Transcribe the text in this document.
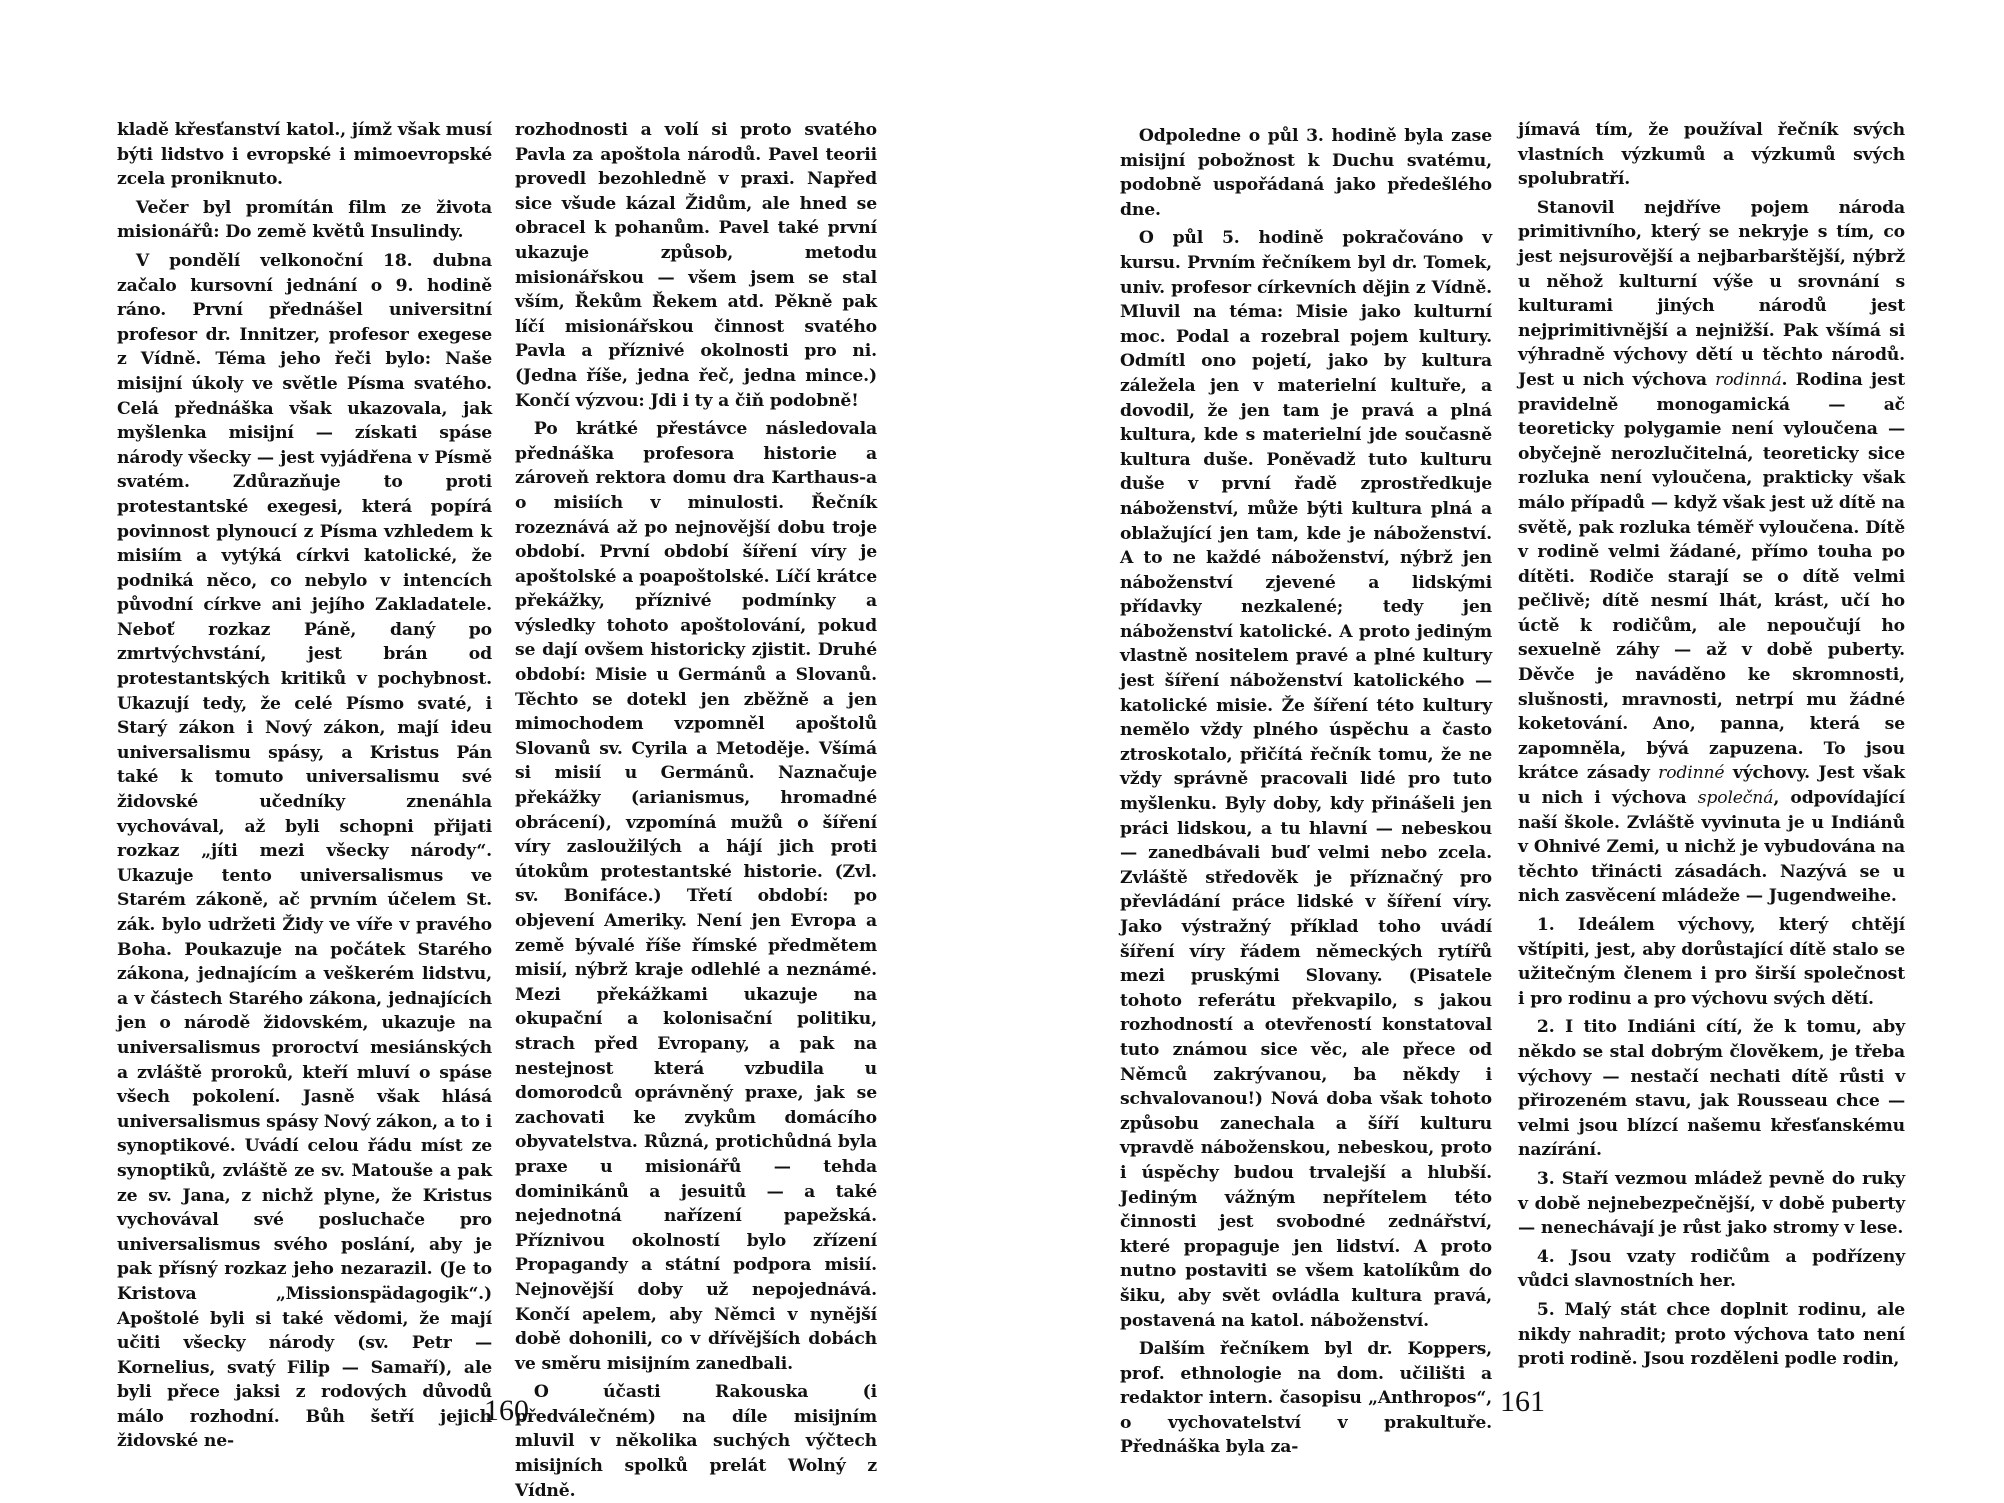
kladě křesťanství katol., jímž však musí býti lidstvo i evropské i mimoevropské zcela proniknuto.

Večer byl promítán film ze života misionářů: Do země květů Insulindy.

V pondělí velkonoční 18. dubna začalo kursovní jednání o 9. hodině ráno. První přednášel universitní profesor dr. Innitzer, profesor exegese z Vídně. Téma jeho řeči bylo: Naše misijní úkoly ve světle Písma svatého. Celá přednáška však ukazovala, jak myšlenka misijní — získati spáse národy všecky — jest vyjádřena v Písmě svatém. Zdůrazňuje to proti protestantské exegesi, která popírá povinnost plynoucí z Písma vzhledem k misiím a vytýká církvi katolické, že podniká něco, co nebylo v intencích původní církve ani jejího Zakladatele. Neboť rozkaz Páně, daný po zmrtvýchvstání, jest brán od protestantských kritiků v pochybnost. Ukazují tedy, že celé Písmo svaté, i Starý zákon i Nový zákon, mají ideu universalismu spásy, a Kristus Pán také k tomuto universalismu své židovské učedníky znenáhla vychovával, až byli schopni přijati rozkaz „jíti mezi všecky národy“. Ukazuje tento universalismus ve Starém zákoně, ač prvním účelem St. zák. bylo udržeti Židy ve víře v pravého Boha. Poukazuje na počátek Starého zákona, jednajícím a veškerém lidstvu, a v částech Starého zákona, jednajících jen o národě židovském, ukazuje na universalismus proroctví mesiánských a zvláště proroků, kteří mluví o spáse všech pokolení. Jasně však hlásá universalismus spásy Nový zákon, a to i synoptikové. Uvádí celou řádu míst ze synoptiků, zvláště ze sv. Matouše a pak ze sv. Jana, z nichž plyne, že Kristus vychovával své posluchače pro universalismus svého poslání, aby je pak přísný rozkaz jeho nezarazil. (Je to Kristova „Missionspädagogik“.) Apoštolé byli si také vědomi, že mají učiti všecky národy (sv. Petr — Kornelius, svatý Filip — Samaří), ale byli přece jaksi z rodových důvodů málo rozhodní. Bůh šetří jejich židovské ne-

rozhodnosti a volí si proto svatého Pavla za apoštola národů. Pavel teorii provedl bezohledně v praxi. Napřed sice všude kázal Židům, ale hned se obracel k pohanům. Pavel také první ukazuje způsob, metodu misionářskou — všem jsem se stal vším, Řekům Řekem atd. Pěkně pak líčí misionářskou činnost svatého Pavla a příznivé okolnosti pro ni. (Jedna říše, jedna řeč, jedna mince.) Končí výzvou: Jdi i ty a čiň podobně!

Po krátké přestávce následovala přednáška profesora historie a zároveň rektora domu dra Karthaus-a o misiích v minulosti. Řečník rozeznává až po nejnovější dobu troje období. První období šíření víry je apoštolské a poapoštolské. Líčí krátce překážky, příznivé podmínky a výsledky tohoto apoštolování, pokud se dají ovšem historicky zjistit. Druhé období: Misie u Germánů a Slovanů. Těchto se dotekl jen zběžně a jen mimochodem vzpomněl apoštolů Slovanů sv. Cyrila a Metoděje. Všímá si misií u Germánů. Naznačuje překážky (arianismus, hromadné obrácení), vzpomíná mužů o šíření víry zasloužilých a hájí jich proti útokům protestantské historie. (Zvl. sv. Bonifáce.) Třetí období: po objevení Ameriky. Není jen Evropa a země bývalé říše římské předmětem misií, nýbrž kraje odlehlé a neznámé. Mezi překážkami ukazuje na okupační a kolonisační politiku, strach před Evropany, a pak na nestejnost která vzbudila u domorodců oprávněný praxe, jak se zachovati ke zvykům domácího obyvatelstva. Různá, protichůdná byla praxe u misionářů — tehda dominikánů a jesuitů — a také nejednotná nařízení papežská. Příznivou okolností bylo zřízení Propagandy a státní podpora misií. Nejnovější doby už nepojednává. Končí apelem, aby Němci v nynější době dohonili, co v dřívějších dobách ve směru misijním zanedbali.

O účasti Rakouska (i předválečném) na díle misijním mluvil v několika suchých výčtech misijních spolků prelát Wolný z Vídně.

160

Odpoledne o půl 3. hodině byla zase misijní pobožnost k Duchu svatému, podobně uspořádaná jako předešlého dne.

O půl 5. hodině pokračováno v kursu. Prvním řečníkem byl dr. Tomek, univ. profesor církevních dějin z Vídně. Mluvil na téma: Misie jako kulturní moc. Podal a rozebral pojem kultury. Odmítl ono pojetí, jako by kultura záležela jen v materielní kultuře, a dovodil, že jen tam je pravá a plná kultura, kde s materielní jde současně kultura duše. Poněvadž tuto kulturu duše v první řadě zprostředkuje náboženství, může býti kultura plná a oblažující jen tam, kde je náboženství. A to ne každé náboženství, nýbrž jen náboženství zjevené a lidskými přídavky nezkalené; tedy jen náboženství katolické. A proto jediným vlastně nositelem pravé a plné kultury jest šíření náboženství katolického — katolické misie. Že šíření této kultury nemělo vždy plného úspěchu a často ztroskotalo, přičítá řečník tomu, že ne vždy správně pracovali lidé pro tuto myšlenku. Byly doby, kdy přinášeli jen práci lidskou, a tu hlavní — nebeskou — zanedbávali buď velmi nebo zcela. Zvláště středověk je příznačný pro převládání práce lidské v šíření víry. Jako výstražný příklad toho uvádí šíření víry řádem německých rytířů mezi pruskými Slovany. (Pisatele tohoto referátu překvapilo, s jakou rozhodností a otevřeností konstatoval tuto známou sice věc, ale přece od Němců zakrývanou, ba někdy i schvalovanou!) Nová doba však tohoto způsobu zanechala a šíří kulturu vpravdě náboženskou, nebeskou, proto i úspěchy budou trvalejší a hlubší. Jediným vážným nepřítelem této činnosti jest svobodné zednářství, které propaguje jen lidství. A proto nutno postaviti se všem katolíkům do šiku, aby svět ovládla kultura pravá, postavená na katol. náboženství.

Dalším řečníkem byl dr. Koppers, prof. ethnologie na dom. učilišti a redaktor intern. časopisu „Anthropos“, o vychovatelství v prakultuře. Přednáška byla za-

jímavá tím, že používal řečník svých vlastních výzkumů a výzkumů svých spolubratří.

Stanovil nejdříve pojem národa primitivního, který se nekryje s tím, co jest nejsurovější a nejbarbarštější, nýbrž u něhož kulturní výše u srovnání s kulturami jiných národů jest nejprimitivnější a nejnižší. Pak všímá si výhradně výchovy dětí u těchto národů. Jest u nich výchova rodinná. Rodina jest pravidelně monogamická — ač teoreticky polygamie není vyloučena — obyčejně nerozlučitelná, teoreticky sice rozluka není vyloučena, prakticky však málo případů — když však jest už dítě na světě, pak rozluka téměř vyloučena. Dítě v rodině velmi žádané, přímo touha po dítěti. Rodiče starají se o dítě velmi pečlivě; dítě nesmí lhát, krást, učí ho úctě k rodičům, ale nepoučují ho sexuelně záhy — až v době puberty. Děvče je naváděno ke skromnosti, slušnosti, mravnosti, netrpí mu žádné koketování. Ano, panna, která se zapomněla, bývá zapuzena. To jsou krátce zásady rodinné výchovy. Jest však u nich i výchova společná, odpovídající naší škole. Zvláště vyvinuta je u Indiánů v Ohnivé Zemi, u nichž je vybudována na těchto třinácti zásadách. Nazývá se u nich zasvěcení mládeže — Jugendweihe.

1. Ideálem výchovy, který chtějí vštípiti, jest, aby dorůstající dítě stalo se užitečným členem i pro širší společnost i pro rodinu a pro výchovu svých dětí.

2. I tito Indiáni cítí, že k tomu, aby někdo se stal dobrým člověkem, je třeba výchovy — nestačí nechati dítě růsti v přirozeném stavu, jak Rousseau chce — velmi jsou blízcí našemu křesťanskému nazírání.

3. Staří vezmou mládež pevně do ruky v době nejnebezpečnější, v době puberty — nenechávají je růst jako stromy v lese.

4. Jsou vzaty rodičům a podřízeny vůdci slavnostních her.

5. Malý stát chce doplnit rodinu, ale nikdy nahradit; proto výchova tato není proti rodině. Jsou rozděleni podle rodin,

161
